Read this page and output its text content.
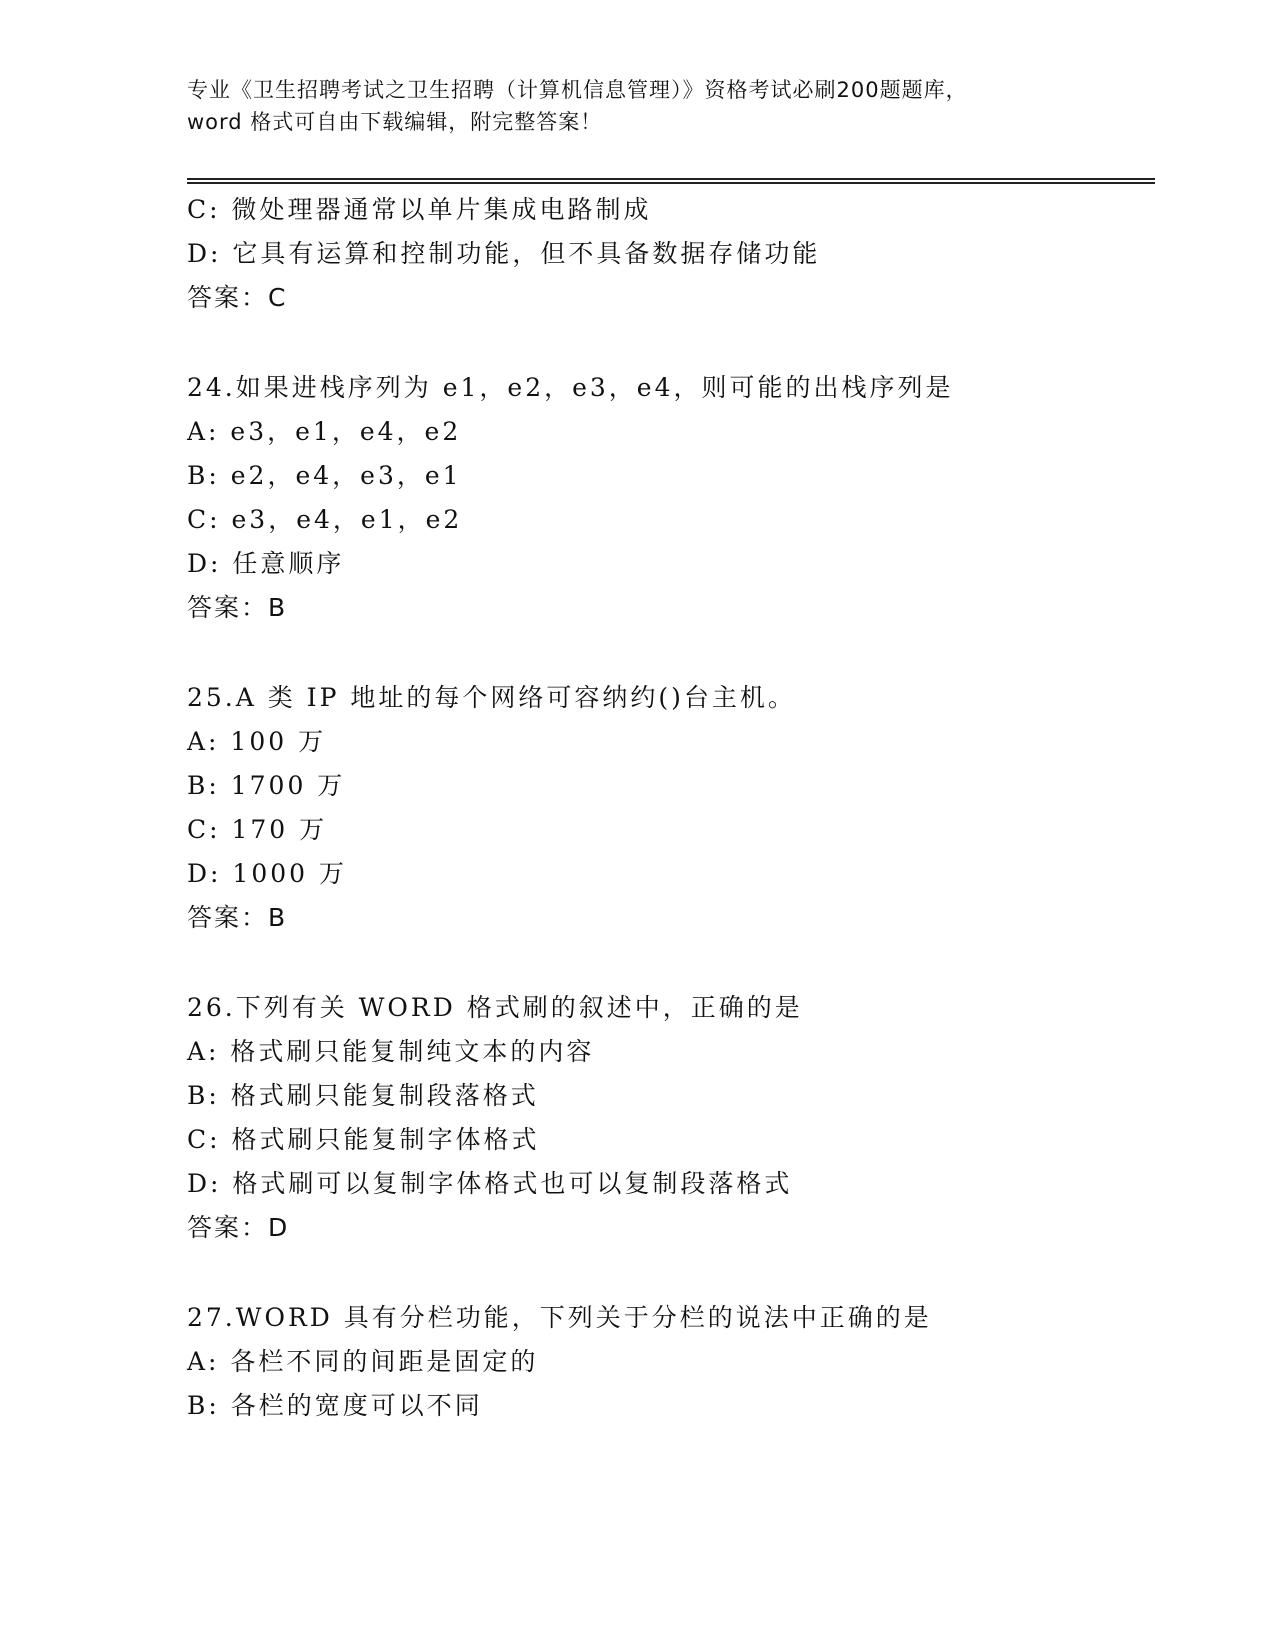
专业《卫生招聘考试之卫生招聘（计算机信息管理）》资格考试必刷200题题库，
word 格式可自由下载编辑，附完整答案！
C: 微处理器通常以单片集成电路制成
D: 它具有运算和控制功能，但不具备数据存储功能
答案：C
24.如果进栈序列为 e1，e2，e3，e4，则可能的出栈序列是
A: e3，e1，e4，e2
B: e2，e4，e3，e1
C: e3，e4，e1，e2
D: 任意顺序
答案：B
25.A 类 IP 地址的每个网络可容纳约()台主机。
A: 100 万
B: 1700 万
C: 170 万
D: 1000 万
答案：B
26.下列有关 WORD 格式刷的叙述中，正确的是
A: 格式刷只能复制纯文本的内容
B: 格式刷只能复制段落格式
C: 格式刷只能复制字体格式
D: 格式刷可以复制字体格式也可以复制段落格式
答案：D
27.WORD 具有分栏功能，下列关于分栏的说法中正确的是
A: 各栏不同的间距是固定的
B: 各栏的宽度可以不同
